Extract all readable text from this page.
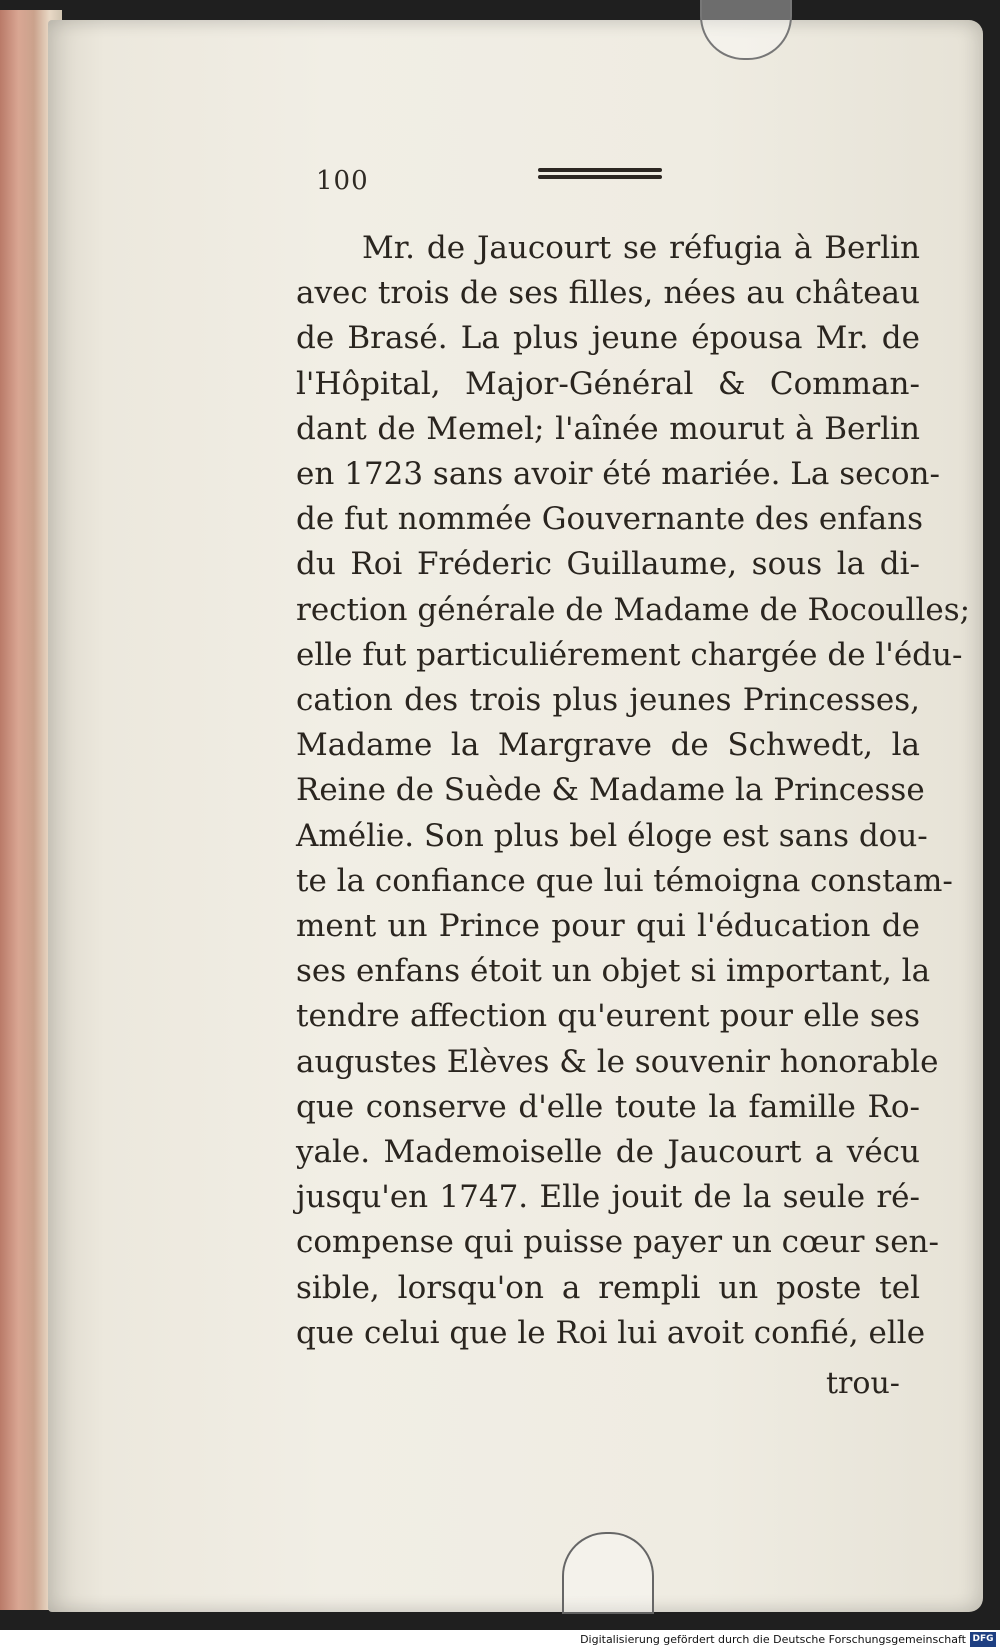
100
Mr. de Jaucourt se réfugia à Berlin
avec trois de ses filles, nées au château
de Brasé. La plus jeune épousa Mr. de
l'Hôpital, Major-Général & Comman-
dant de Memel; l'aînée mourut à Berlin
en 1723 sans avoir été mariée. La secon-
de fut nommée Gouvernante des enfans
du Roi Fréderic Guillaume, sous la di-
rection générale de Madame de Rocoulles;
elle fut particuliérement chargée de l'édu-
cation des trois plus jeunes Princesses,
Madame la Margrave de Schwedt, la
Reine de Suède & Madame la Princesse
Amélie. Son plus bel éloge est sans dou-
te la confiance que lui témoigna constam-
ment un Prince pour qui l'éducation de
ses enfans étoit un objet si important, la
tendre affection qu'eurent pour elle ses
augustes Elèves & le souvenir honorable
que conserve d'elle toute la famille Ro-
yale. Mademoiselle de Jaucourt a vécu
jusqu'en 1747. Elle jouit de la seule ré-
compense qui puisse payer un cœur sen-
sible, lorsqu'on a rempli un poste tel
que celui que le Roi lui avoit confié, elle
trou-
Digitalisierung gefördert durch die Deutsche Forschungsgemeinschaft DFG
